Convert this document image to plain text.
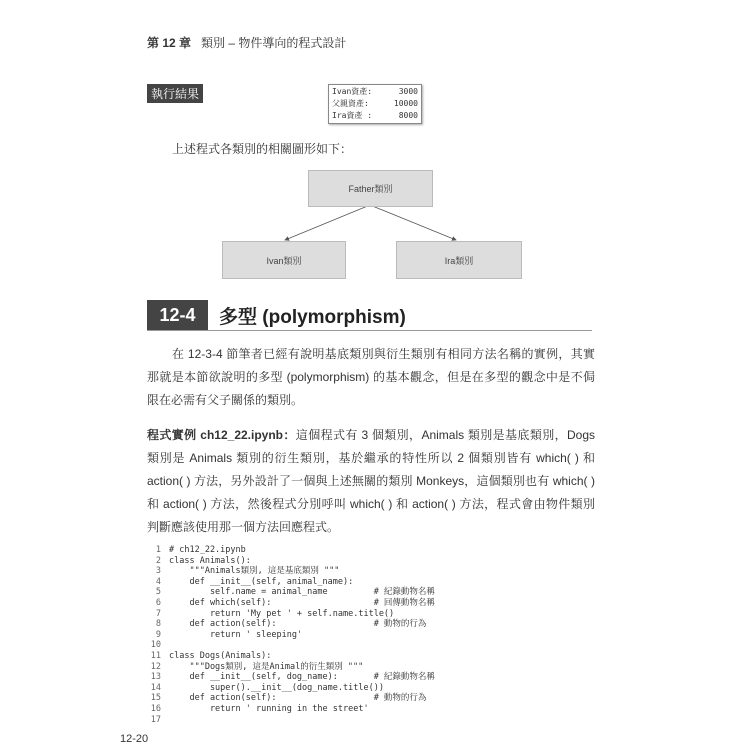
第 12 章 類別 – 物件導向的程式設計
執行結果	Ivan資產:	3000
父親資產:	10000
Ira資產 :	8000
上述程式各類別的相關圖形如下：
Father類別
Ivan類別	Ira類別
12-4	多型 (polymorphism)

在 12-3-4 節筆者已經有說明基底類別與衍生類別有相同方法名稱的實例，其實那就是本節欲說明的多型 (polymorphism) 的基本觀念，但是在多型的觀念中是不侷限在必需有父子關係的類別。

程式實例 ch12_22.ipynb：這個程式有 3 個類別，Animals 類別是基底類別，Dogs 類別是 Animals 類別的衍生類別，基於繼承的特性所以 2 個類別皆有 which( ) 和 action( ) 方法，另外設計了一個與上述無關的類別 Monkeys，這個類別也有 which( ) 和 action( ) 方法，然後程式分別呼叫 which( ) 和 action( ) 方法，程式會由物件類別判斷應該使用那一個方法回應程式。

1 # ch12_22.ipynb
2 class Animals():
3    """Animals類別, 這是基底類別 """
4    def __init__(self, animal_name):
5        self.name = animal_name         # 紀錄動物名稱
6    def which(self):                    # 回傳動物名稱
7        return 'My pet ' + self.name.title()
8    def action(self):                   # 動物的行為
9        return ' sleeping'
10
11 class Dogs(Animals):
12    """Dogs類別, 這是Animal的衍生類別 """
13    def __init__(self, dog_name):       # 紀錄動物名稱
14        super().__init__(dog_name.title())
15    def action(self):                   # 動物的行為
16        return ' running in the street'
17
12-20
